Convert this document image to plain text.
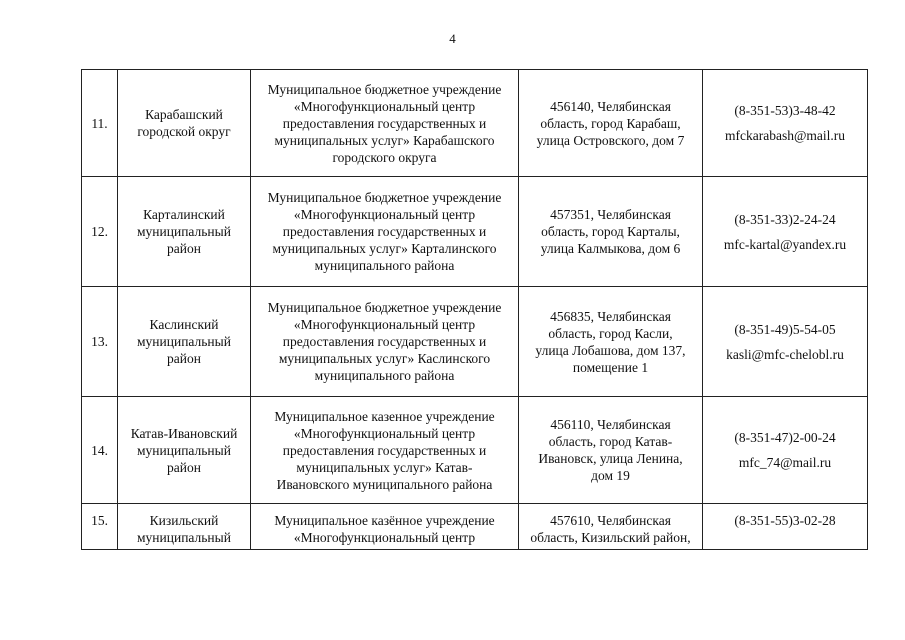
4
11.	Карабашский
городской округ	Муниципальное бюджетное учреждение
«Многофункциональный центр
предоставления государственных и
муниципальных услуг» Карабашского
городского округа	456140, Челябинская
область, город Карабаш,
улица Островского, дом 7	(8-351-53)3-48-42
mfckarabash@mail.ru

12.	Карталинский
муниципальный
район	Муниципальное бюджетное учреждение
«Многофункциональный центр
предоставления государственных и
муниципальных услуг» Карталинского
муниципального района	457351, Челябинская
область, город Карталы,
улица Калмыкова, дом 6	(8-351-33)2-24-24
mfc-kartal@yandex.ru

13.	Каслинский
муниципальный
район	Муниципальное бюджетное учреждение
«Многофункциональный центр
предоставления государственных и
муниципальных услуг» Каслинского
муниципального района	456835, Челябинская
область, город Касли,
улица Лобашова, дом 137,
помещение 1	(8-351-49)5-54-05
kasli@mfc-chelobl.ru

14.	Катав-Ивановский
муниципальный
район	Муниципальное казенное учреждение
«Многофункциональный центр
предоставления государственных и
муниципальных услуг» Катав-
Ивановского муниципального района	456110, Челябинская
область, город Катав-
Ивановск, улица Ленина,
дом 19	(8-351-47)2-00-24
mfc_74@mail.ru

15.	Кизильский
муниципальный	Муниципальное казённое учреждение
«Многофункциональный центр	457610, Челябинская
область, Кизильский район,	(8-351-55)3-02-28
